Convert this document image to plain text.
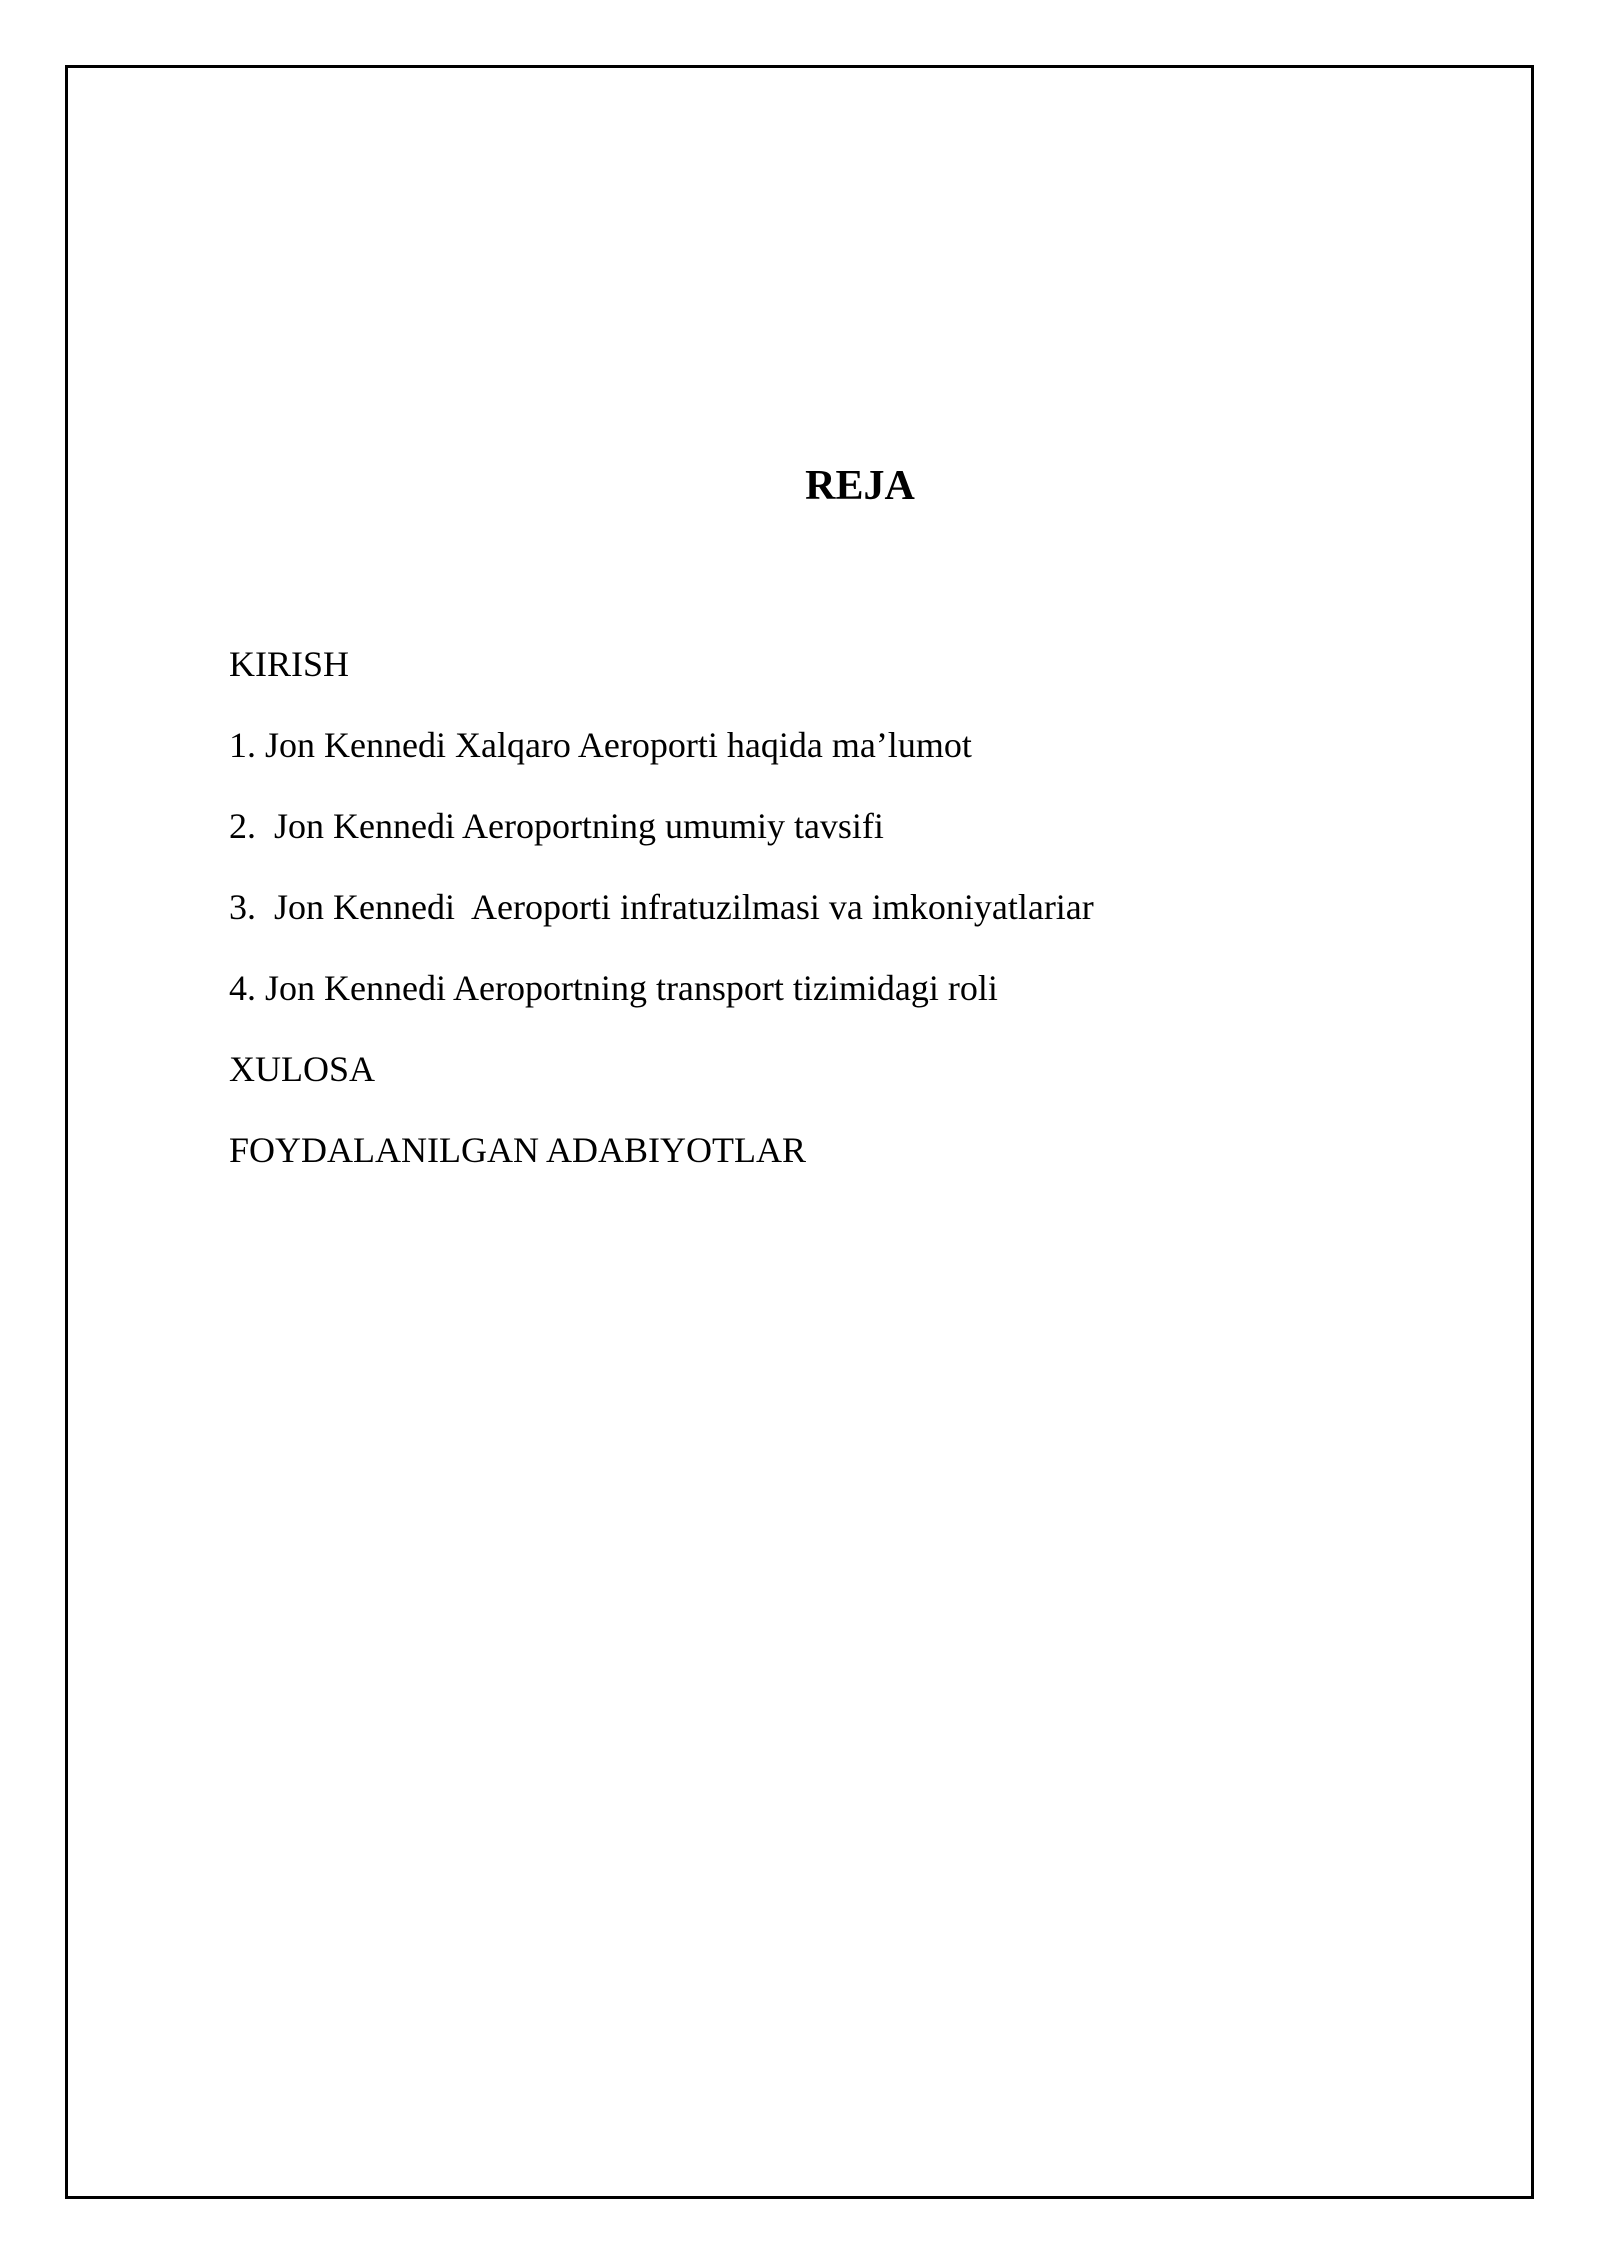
REJA
KIRISH
1. Jon Kennedi Xalqaro Aeroporti haqida ma’lumot
2.  Jon Kennedi Aeroportning umumiy tavsifi
3.  Jon Kennedi  Aeroporti infratuzilmasi va imkoniyatlariar
4. Jon Kennedi Aeroportning transport tizimidagi roli
XULOSA
FOYDALANILGAN ADABIYOTLAR
